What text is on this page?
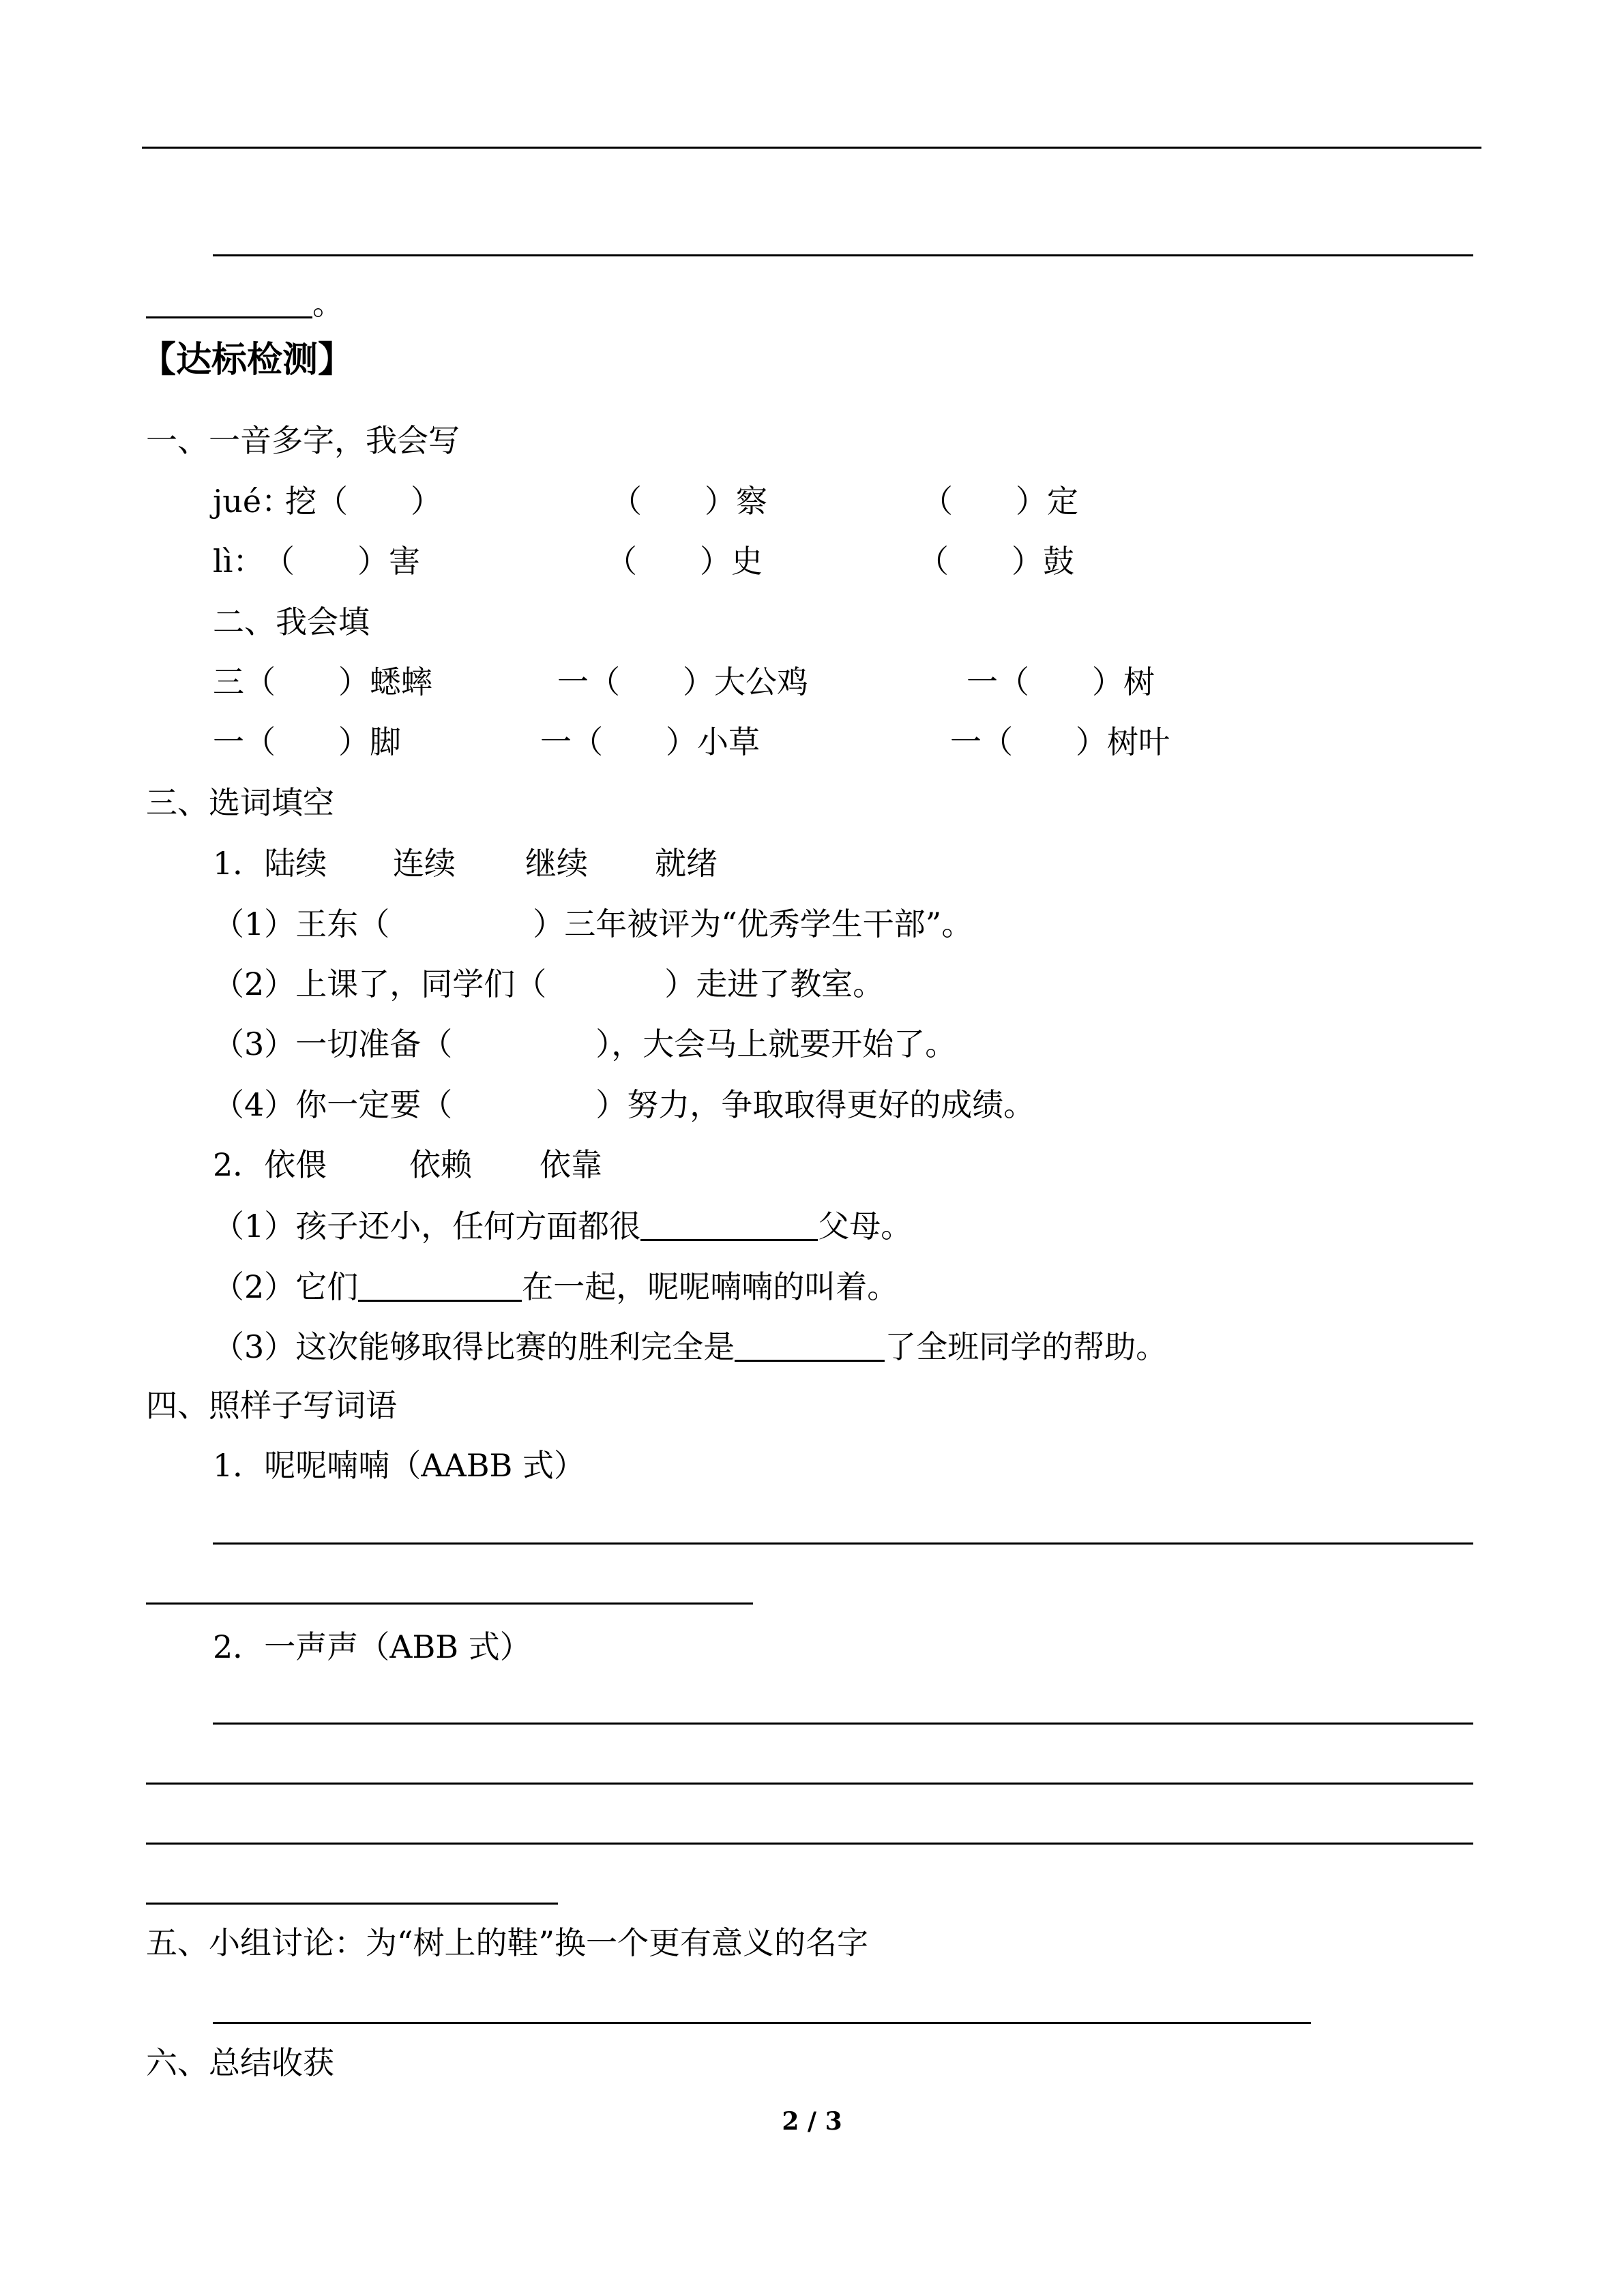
。
【达标检测】
一、一音多字，我会写
jué：
挖（　　）	（　　）察	（　　）定
lì：
（　　）害	（　　）史	（　　）鼓
二、我会填
三（　　）蟋蟀	一（　　）大公鸡	一（　　）树
一（　　）脚	一（　　）小草	一（　　）树叶
三、选词填空
1．陆续 连续 继续 就绪
（1）王东（	）三年被评为“优秀学生干部”。
（2）上课了，同学们（	）走进了教室。
（3）一切准备（	），大会马上就要开始了。
（4）你一定要（	）努力，争取取得更好的成绩。
2．依偎	依赖 依靠
（1）孩子还小，任何方面都很	父母。
（2）它们	在一起，呢呢喃喃的叫着。
（3）这次能够取得比赛的胜利完全是	了全班同学的帮助。
四、照样子写词语
1．呢呢喃喃（AABB 式）
2．一声声（ABB 式）
五、小组讨论：为“树上的鞋”换一个更有意义的名字
六、总结收获
2 / 3
